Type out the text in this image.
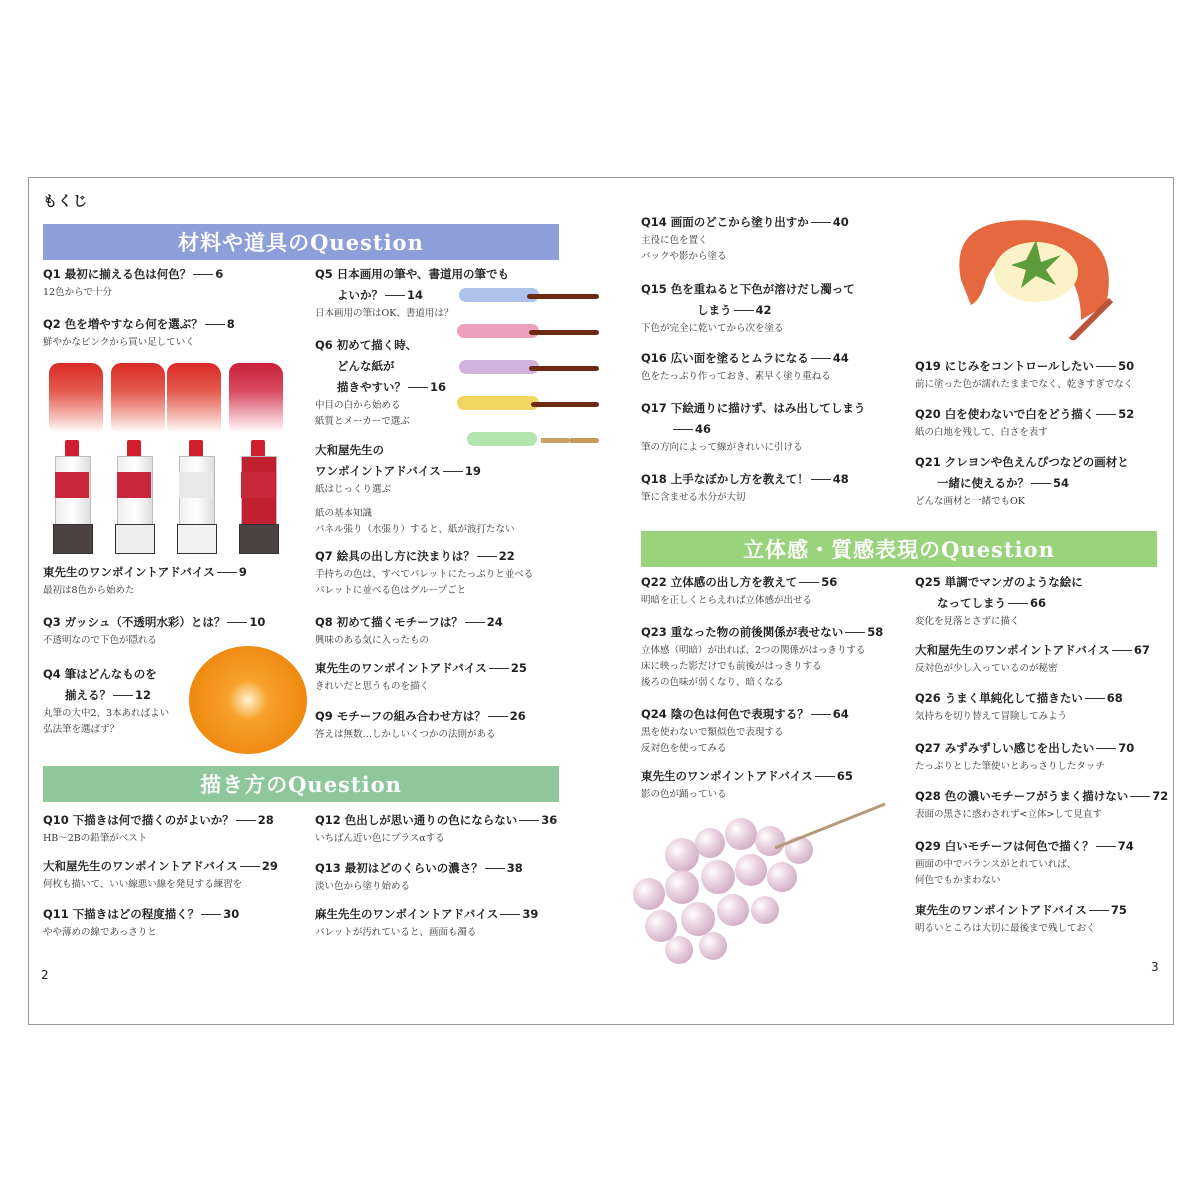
もくじ
材料や道具のQuestion
描き方のQuestion
立体感・質感表現のQuestion
Q1 最初に揃える色は何色？ 6
12色からで十分
Q2 色を増やすなら何を選ぶ？ 8
鮮やかなピンクから買い足していく
東先生のワンポイントアドバイス 9
最初は8色から始めた
Q3 ガッシュ（不透明水彩）とは？ 10
不透明なので下色が隠れる
Q4 筆はどんなものを
揃える？ 12
丸筆の大中2、3本あればよい
弘法筆を選ばず？
Q5 日本画用の筆や、書道用の筆でも
よいか？ 14
日本画用の筆はOK、書道用は？
Q6 初めて描く時、
どんな紙が
描きやすい？ 16
中目の白から始める
紙質とメーカーで選ぶ
大和屋先生の
ワンポイントアドバイス 19
紙はじっくり選ぶ
紙の基本知識
パネル張り（水張り）すると、紙が波打たない
Q7 絵具の出し方に決まりは？ 22
手持ちの色は、すべてパレットにたっぷりと並べる
パレットに並べる色はグループごと
Q8 初めて描くモチーフは？ 24
興味のある気に入ったもの
東先生のワンポイントアドバイス 25
きれいだと思うものを描く
Q9 モチーフの組み合わせ方は？ 26
答えは無数…しかしいくつかの法則がある
Q10 下描きは何で描くのがよいか？ 28
HB〜2Bの鉛筆がベスト
大和屋先生のワンポイントアドバイス 29
何枚も描いて、いい線悪い線を発見する練習を
Q11 下描きはどの程度描く？ 30
やや薄めの線であっさりと
Q12 色出しが思い通りの色にならない 36
いちばん近い色にプラスαする
Q13 最初はどのくらいの濃さ？ 38
淡い色から塗り始める
麻生先生のワンポイントアドバイス 39
パレットが汚れていると、画面も濁る
2
3
Q14 画面のどこから塗り出すか 40
主役に色を置く
バックや影から塗る
Q15 色を重ねると下色が溶けだし濁って
しまう 42
下色が完全に乾いてから次を塗る
Q16 広い面を塗るとムラになる 44
色をたっぷり作っておき、素早く塗り重ねる
Q17 下絵通りに描けず、はみ出してしまう
46
筆の方向によって線がきれいに引ける
Q18 上手なぼかし方を教えて！ 48
筆に含ませる水分が大切
Q19 にじみをコントロールしたい 50
前に塗った色が濡れたままでなく、乾きすぎでなく
Q20 白を使わないで白をどう描く 52
紙の白地を残して、白さを表す
Q21 クレヨンや色えんぴつなどの画材と
一緒に使えるか？ 54
どんな画材と一緒でもOK
Q22 立体感の出し方を教えて 56
明暗を正しくとらえれば立体感が出せる
Q23 重なった物の前後関係が表せない 58
立体感（明暗）が出れば、2つの関係がはっきりする
床に映った影だけでも前後がはっきりする
後ろの色味が弱くなり、暗くなる
Q24 陰の色は何色で表現する？ 64
黒を使わないで類似色で表現する
反対色を使ってみる
東先生のワンポイントアドバイス 65
影の色が踊っている
Q25 単調でマンガのような絵に
なってしまう 66
変化を見落とさずに描く
大和屋先生のワンポイントアドバイス 67
反対色が少し入っているのが秘密
Q26 うまく単純化して描きたい 68
気持ちを切り替えて冒険してみよう
Q27 みずみずしい感じを出したい 70
たっぷりとした筆使いとあっさりしたタッチ
Q28 色の濃いモチーフがうまく描けない 72
表面の黒さに惑わされず<立体>して見直す
Q29 白いモチーフは何色で描く？ 74
画面の中でバランスがとれていれば、
何色でもかまわない
東先生のワンポイントアドバイス 75
明るいところは大切に最後まで残しておく
